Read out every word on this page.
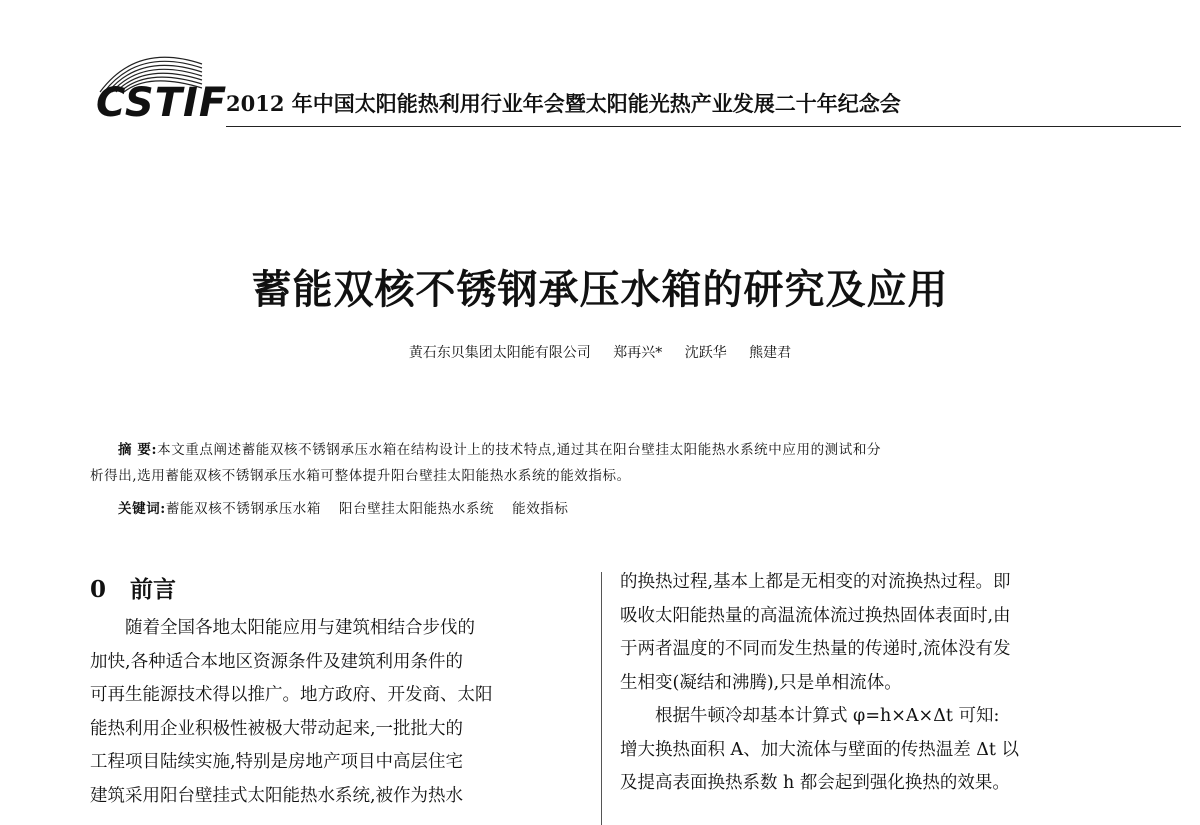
CSTIF
2012 年中国太阳能热利用行业年会暨太阳能光热产业发展二十年纪念会
蓄能双核不锈钢承压水箱的研究及应用
黄石东贝集团太阳能有限公司 郑再兴* 沈跃华 熊建君

摘 要:本文重点阐述蓄能双核不锈钢承压水箱在结构设计上的技术特点,通过其在阳台壁挂太阳能热水系统中应用的测试和分

析得出,选用蓄能双核不锈钢承压水箱可整体提升阳台壁挂太阳能热水系统的能效指标。

关键词:蓄能双核不锈钢承压水箱 阳台壁挂太阳能热水系统 能效指标
0 前言

随着全国各地太阳能应用与建筑相结合步伐的

加快,各种适合本地区资源条件及建筑利用条件的

可再生能源技术得以推广。地方政府、开发商、太阳

能热利用企业积极性被极大带动起来,一批批大的

工程项目陆续实施,特别是房地产项目中高层住宅

建筑采用阳台壁挂式太阳能热水系统,被作为热水

的换热过程,基本上都是无相变的对流换热过程。即

吸收太阳能热量的高温流体流过换热固体表面时,由

于两者温度的不同而发生热量的传递时,流体没有发

生相变(凝结和沸腾),只是单相流体。

根据牛顿冷却基本计算式 φ=h×A×Δt 可知:

增大换热面积 A、加大流体与壁面的传热温差 Δt 以

及提高表面换热系数 h 都会起到强化换热的效果。
